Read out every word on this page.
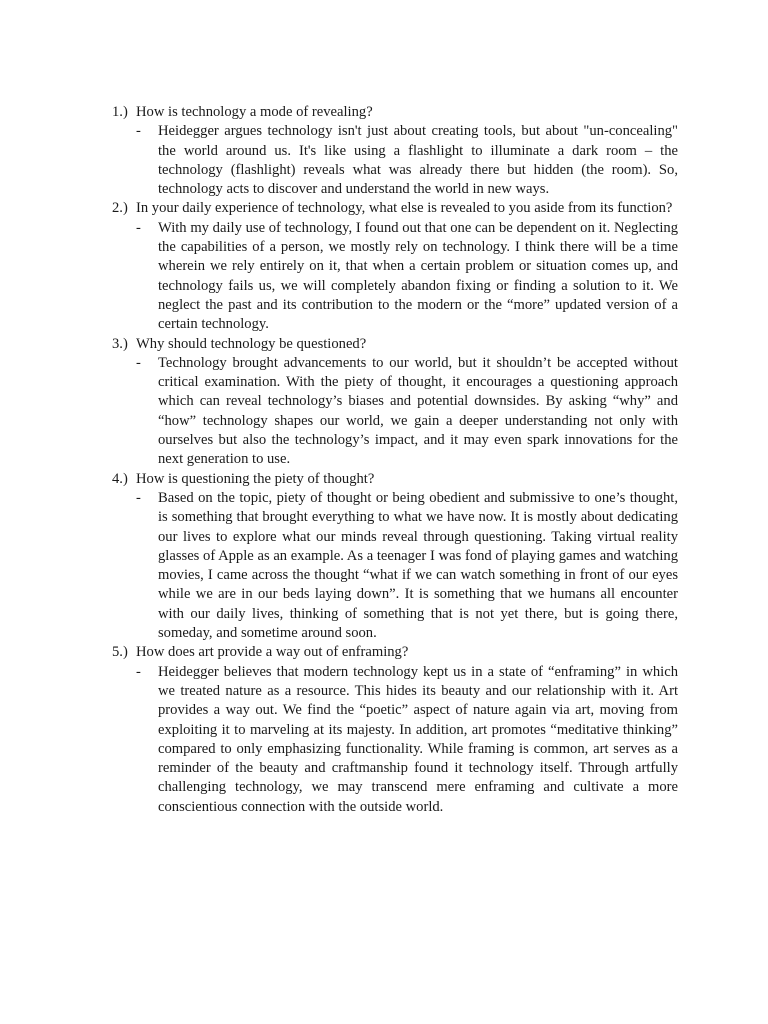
1.) How is technology a mode of revealing?
- Heidegger argues technology isn't just about creating tools, but about "un-concealing" the world around us. It's like using a flashlight to illuminate a dark room – the technology (flashlight) reveals what was already there but hidden (the room). So, technology acts to discover and understand the world in new ways.
2.) In your daily experience of technology, what else is revealed to you aside from its function?
- With my daily use of technology, I found out that one can be dependent on it. Neglecting the capabilities of a person, we mostly rely on technology. I think there will be a time wherein we rely entirely on it, that when a certain problem or situation comes up, and technology fails us, we will completely abandon fixing or finding a solution to it. We neglect the past and its contribution to the modern or the “more” updated version of a certain technology.
3.) Why should technology be questioned?
- Technology brought advancements to our world, but it shouldn’t be accepted without critical examination. With the piety of thought, it encourages a questioning approach which can reveal technology’s biases and potential downsides. By asking “why” and “how” technology shapes our world, we gain a deeper understanding not only with ourselves but also the technology’s impact, and it may even spark innovations for the next generation to use.
4.) How is questioning the piety of thought?
- Based on the topic, piety of thought or being obedient and submissive to one’s thought, is something that brought everything to what we have now. It is mostly about dedicating our lives to explore what our minds reveal through questioning. Taking virtual reality glasses of Apple as an example. As a teenager I was fond of playing games and watching movies, I came across the thought “what if we can watch something in front of our eyes while we are in our beds laying down”. It is something that we humans all encounter with our daily lives, thinking of something that is not yet there, but is going there, someday, and sometime around soon.
5.) How does art provide a way out of enframing?
- Heidegger believes that modern technology kept us in a state of “enframing” in which we treated nature as a resource. This hides its beauty and our relationship with it. Art provides a way out. We find the “poetic” aspect of nature again via art, moving from exploiting it to marveling at its majesty. In addition, art promotes “meditative thinking” compared to only emphasizing functionality. While framing is common, art serves as a reminder of the beauty and craftmanship found it technology itself. Through artfully challenging technology, we may transcend mere enframing and cultivate a more conscientious connection with the outside world.
